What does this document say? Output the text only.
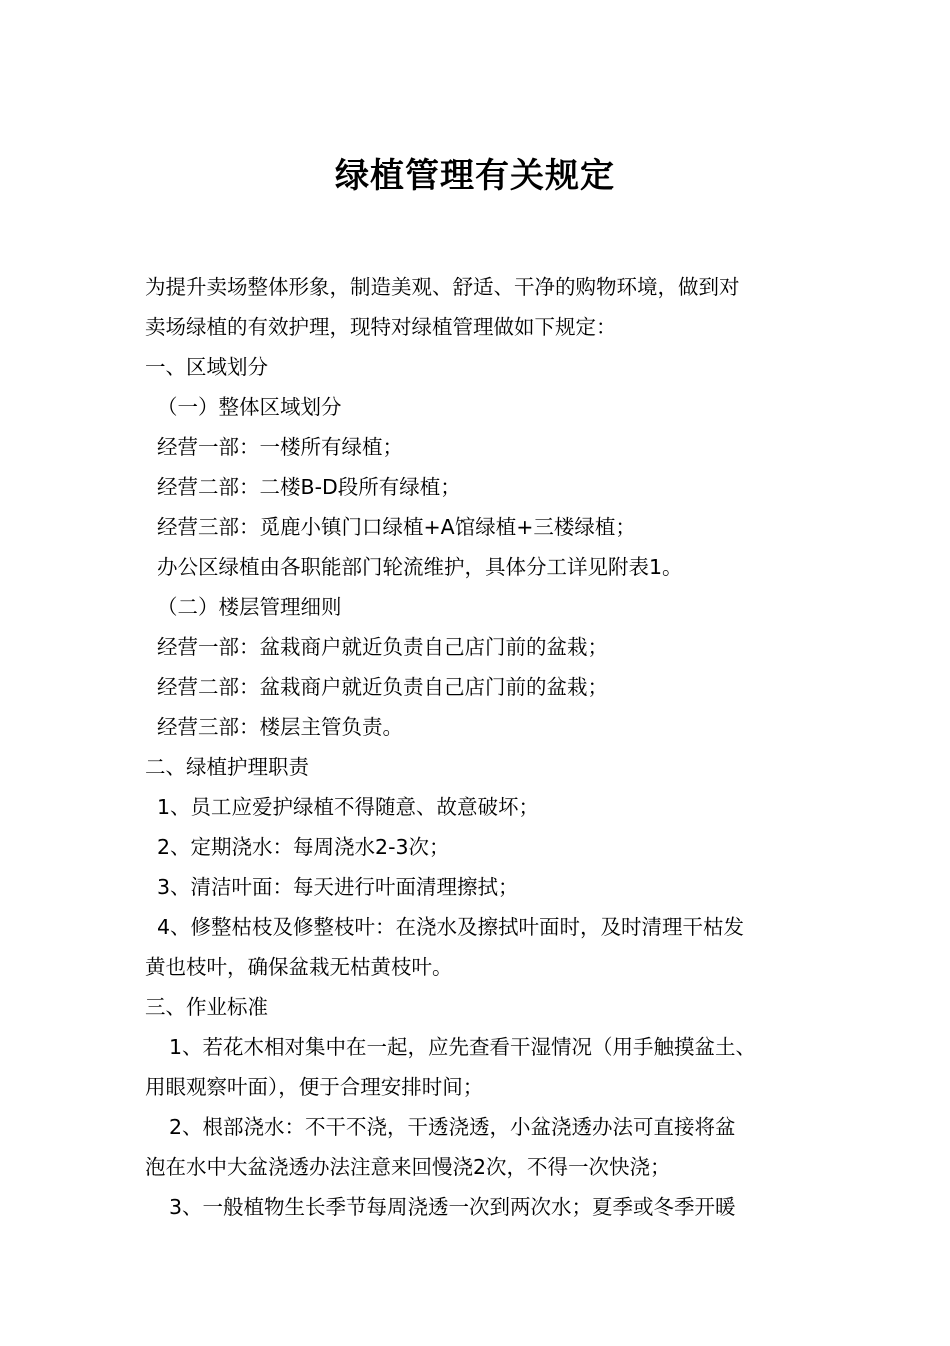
绿植管理有关规定
为提升卖场整体形象，制造美观、舒适、干净的购物环境，做到对
卖场绿植的有效护理，现特对绿植管理做如下规定：
一、区域划分
（一）整体区域划分
经营一部：一楼所有绿植；
经营二部：二楼B-D段所有绿植；
经营三部：觅鹿小镇门口绿植+A馆绿植+三楼绿植；
办公区绿植由各职能部门轮流维护，具体分工详见附表1。
（二）楼层管理细则
经营一部：盆栽商户就近负责自己店门前的盆栽；
经营二部：盆栽商户就近负责自己店门前的盆栽；
经营三部：楼层主管负责。
二、绿植护理职责
1、员工应爱护绿植不得随意、故意破坏；
2、定期浇水：每周浇水2-3次；
3、清洁叶面：每天进行叶面清理擦拭；
4、修整枯枝及修整枝叶：在浇水及擦拭叶面时，及时清理干枯发
黄也枝叶，确保盆栽无枯黄枝叶。
三、作业标准
1、若花木相对集中在一起，应先查看干湿情况（用手触摸盆土、
用眼观察叶面），便于合理安排时间；
2、根部浇水：不干不浇，干透浇透，小盆浇透办法可直接将盆
泡在水中大盆浇透办法注意来回慢浇2次，不得一次快浇；
3、一般植物生长季节每周浇透一次到两次水；夏季或冬季开暖
